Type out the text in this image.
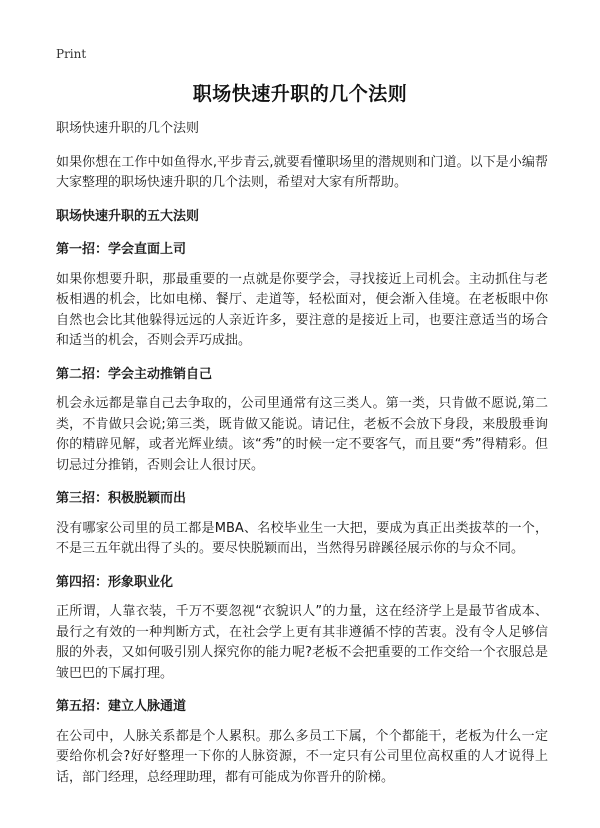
Print
职场快速升职的几个法则
职场快速升职的几个法则
如果你想在工作中如鱼得水,平步青云,就要看懂职场里的潜规则和门道。以下是小编帮大家整理的职场快速升职的几个法则，希望对大家有所帮助。
职场快速升职的五大法则
第一招：学会直面上司
如果你想要升职，那最重要的一点就是你要学会，寻找接近上司机会。主动抓住与老板相遇的机会，比如电梯、餐厅、走道等，轻松面对，便会渐入佳境。在老板眼中你自然也会比其他躲得远远的人亲近许多，要注意的是接近上司，也要注意适当的场合和适当的机会，否则会弄巧成拙。
第二招：学会主动推销自己
机会永远都是靠自己去争取的，公司里通常有这三类人。第一类，只肯做不愿说,第二类，不肯做只会说;第三类，既肯做又能说。请记住，老板不会放下身段，来殷殷垂询你的精辟见解，或者光辉业绩。该“秀”的时候一定不要客气，而且要“秀”得精彩。但切忌过分推销，否则会让人很讨厌。
第三招：积极脱颖而出
没有哪家公司里的员工都是MBA、名校毕业生一大把，要成为真正出类拔萃的一个，不是三五年就出得了头的。要尽快脱颖而出，当然得另辟蹊径展示你的与众不同。
第四招：形象职业化
正所谓，人靠衣装，千万不要忽视“衣貌识人”的力量，这在经济学上是最节省成本、最行之有效的一种判断方式，在社会学上更有其非遵循不悖的苦衷。没有令人足够信服的外表，又如何吸引别人探究你的能力呢?老板不会把重要的工作交给一个衣服总是皱巴巴的下属打理。
第五招：建立人脉通道
在公司中，人脉关系都是个人累积。那么多员工下属，个个都能干，老板为什么一定要给你机会?好好整理一下你的人脉资源，不一定只有公司里位高权重的人才说得上话，部门经理，总经理助理，都有可能成为你晋升的阶梯。
